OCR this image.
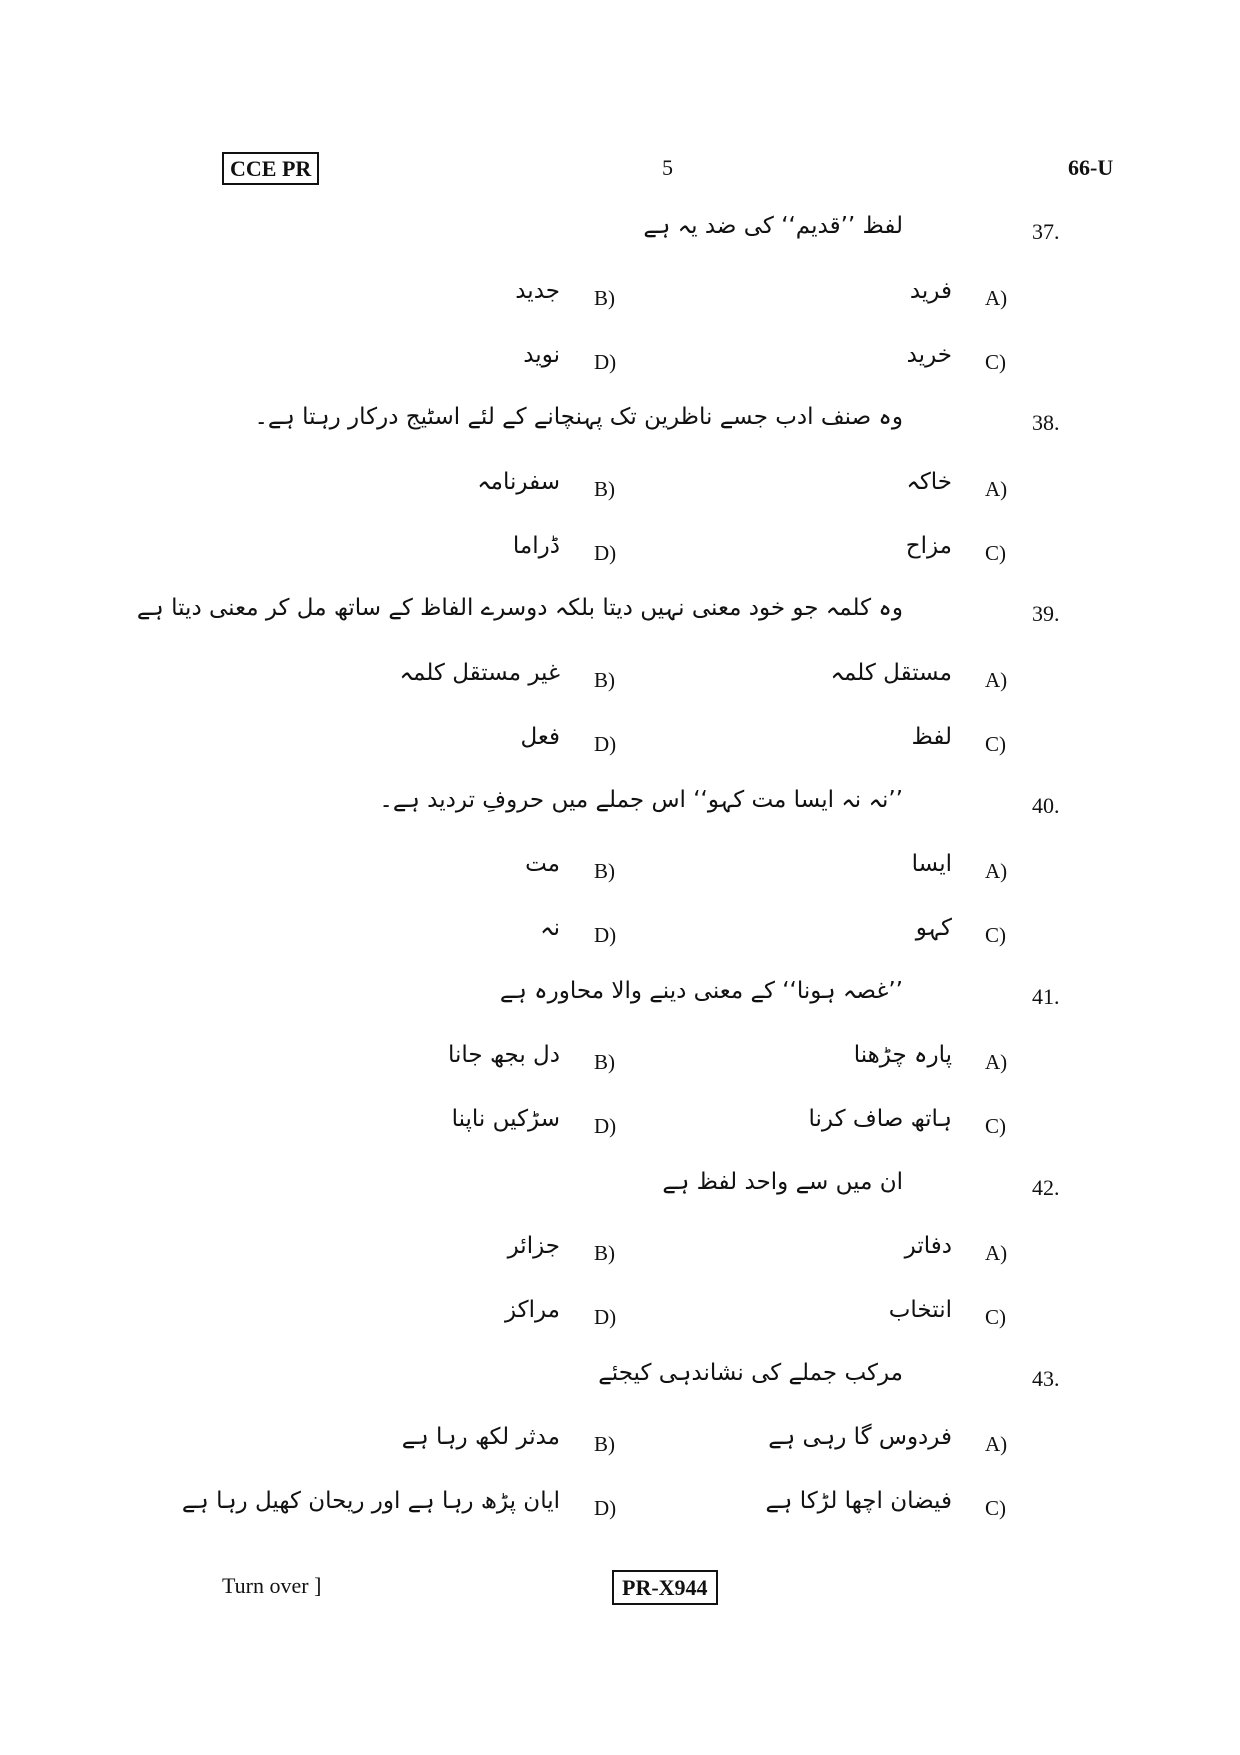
CCE PR	5	66-U
37.
لفظ ’’قدیم‘‘ کی ضد یہ ہے
A)
فرید
B)
جدید
C)
خرید
D)
نوید
38.
وہ صنف ادب جسے ناظرین تک پہنچانے کے لئے اسٹیج درکار رہتا ہے۔
A)
خاکہ
B)
سفرنامہ
C)
مزاح
D)
ڈراما
39.
وہ کلمہ جو خود معنی نہیں دیتا بلکہ دوسرے الفاظ کے ساتھ مل کر معنی دیتا ہے
A)
مستقل کلمہ
B)
غیر مستقل کلمہ
C)
لفظ
D)
فعل
40.
’’نہ نہ ایسا مت کہو‘‘ اس جملے میں حروفِ تردید ہے۔
A)
ایسا
B)
مت
C)
کہو
D)
نہ
41.
’’غصہ ہونا‘‘ کے معنی دینے والا محاورہ ہے
A)
پارہ چڑھنا
B)
دل بجھ جانا
C)
ہاتھ صاف کرنا
D)
سڑکیں ناپنا
42.
ان میں سے واحد لفظ ہے
A)
دفاتر
B)
جزائر
C)
انتخاب
D)
مراکز
43.
مرکب جملے کی نشاندہی کیجئے
A)
فردوس گا رہی ہے
B)
مدثر لکھ رہا ہے
C)
فیضان اچھا لڑکا ہے
D)
ایان پڑھ رہا ہے اور ریحان کھیل رہا ہے
Turn over ]	PR-X944
